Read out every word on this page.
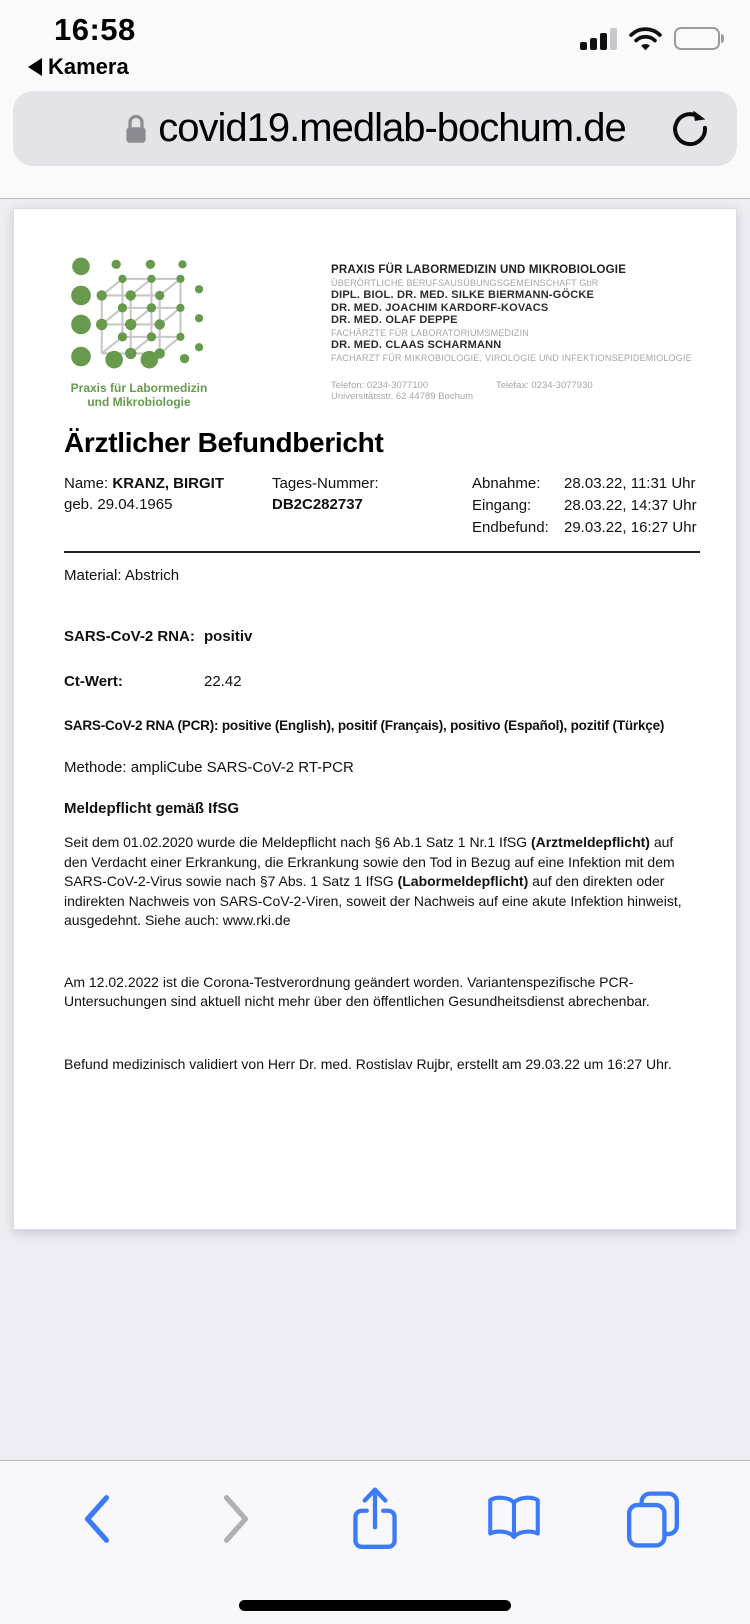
16:58
Kamera
covid19.medlab-bochum.de
Praxis für Labormedizin
und Mikrobiologie
PRAXIS FÜR LABORMEDIZIN UND MIKROBIOLOGIE
ÜBERÖRTLICHE BERUFSAUSÜBUNGSGEMEINSCHAFT GbR
DIPL. BIOL. DR. MED. SILKE BIERMANN-GÖCKE
DR. MED. JOACHIM KARDORF-KOVACS
DR. MED. OLAF DEPPE
FACHÄRZTE FÜR LABORATORIUMSMEDIZIN
DR. MED. CLAAS SCHARMANN
FACHARZT FÜR MIKROBIOLOGIE, VIROLOGIE UND INFEKTIONSEPIDEMIOLOGIE
Telefon: 0234-3077100	Telefax: 0234-3077930
Universitätsstr. 62 44789 Bochum
Ärztlicher Befundbericht
Name: KRANZ, BIRGIT
geb. 29.04.1965
Tages-Nummer: DB2C282737
Abnahme:	28.03.22, 11:31 Uhr
Eingang:	28.03.22, 14:37 Uhr
Endbefund:	29.03.22, 16:27 Uhr
Material: Abstrich
SARS-CoV-2 RNA: positiv
Ct-Wert:	22.42
SARS-CoV-2 RNA (PCR): positive (English), positif (Français), positivo (Español), pozitif (Türkçe)
Methode: ampliCube SARS-CoV-2 RT-PCR
Meldepflicht gemäß IfSG
Seit dem 01.02.2020 wurde die Meldepflicht nach §6 Ab.1 Satz 1 Nr.1 IfSG (Arztmeldepflicht) auf den Verdacht einer Erkrankung, die Erkrankung sowie den Tod in Bezug auf eine Infektion mit dem SARS-CoV-2-Virus sowie nach §7 Abs. 1 Satz 1 IfSG (Labormeldepflicht) auf den direkten oder indirekten Nachweis von SARS-CoV-2-Viren, soweit der Nachweis auf eine akute Infektion hinweist, ausgedehnt. Siehe auch: www.rki.de
Am 12.02.2022 ist die Corona-Testverordnung geändert worden. Variantenspezifische PCR-Untersuchungen sind aktuell nicht mehr über den öffentlichen Gesundheitsdienst abrechenbar.
Befund medizinisch validiert von Herr Dr. med. Rostislav Rujbr, erstellt am 29.03.22 um 16:27 Uhr.
